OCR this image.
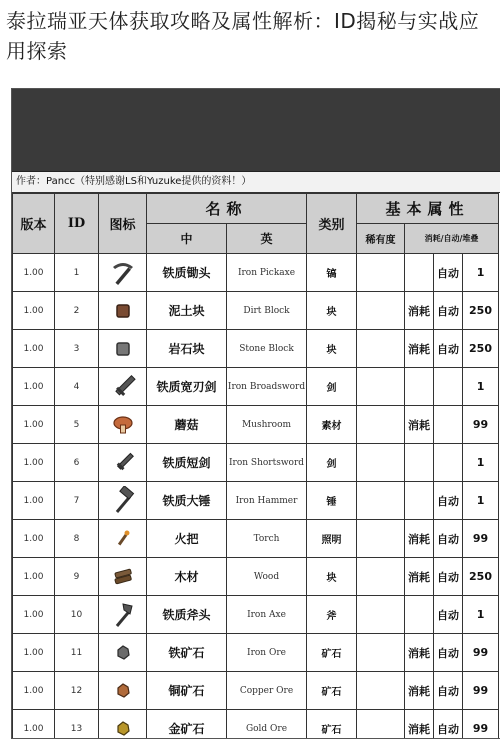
泰拉瑞亚天体获取攻略及属性解析：ID揭秘与实战应用探索
作者：Pancc（特别感谢LS和Yuzuke提供的资料！）
版本	ID	图标	名称		类别	基本属性			
			中	英		稀有度	消耗/自动/堆叠		
1.00	1		铁质锄头	Iron Pickaxe	镐			自动	1
1.00	2		泥土块	Dirt Block	块		消耗	自动	250
1.00	3		岩石块	Stone Block	块		消耗	自动	250
1.00	4		铁质宽刃剑	Iron Broadsword	剑				1
1.00	5		蘑菇	Mushroom	素材		消耗		99
1.00	6		铁质短剑	Iron Shortsword	剑				1
1.00	7		铁质大锤	Iron Hammer	锤			自动	1
1.00	8		火把	Torch	照明		消耗	自动	99
1.00	9		木材	Wood	块		消耗	自动	250
1.00	10		铁质斧头	Iron Axe	斧			自动	1
1.00	11		铁矿石	Iron Ore	矿石		消耗	自动	99
1.00	12		铜矿石	Copper Ore	矿石		消耗	自动	99
1.00	13		金矿石	Gold Ore	矿石		消耗	自动	99
